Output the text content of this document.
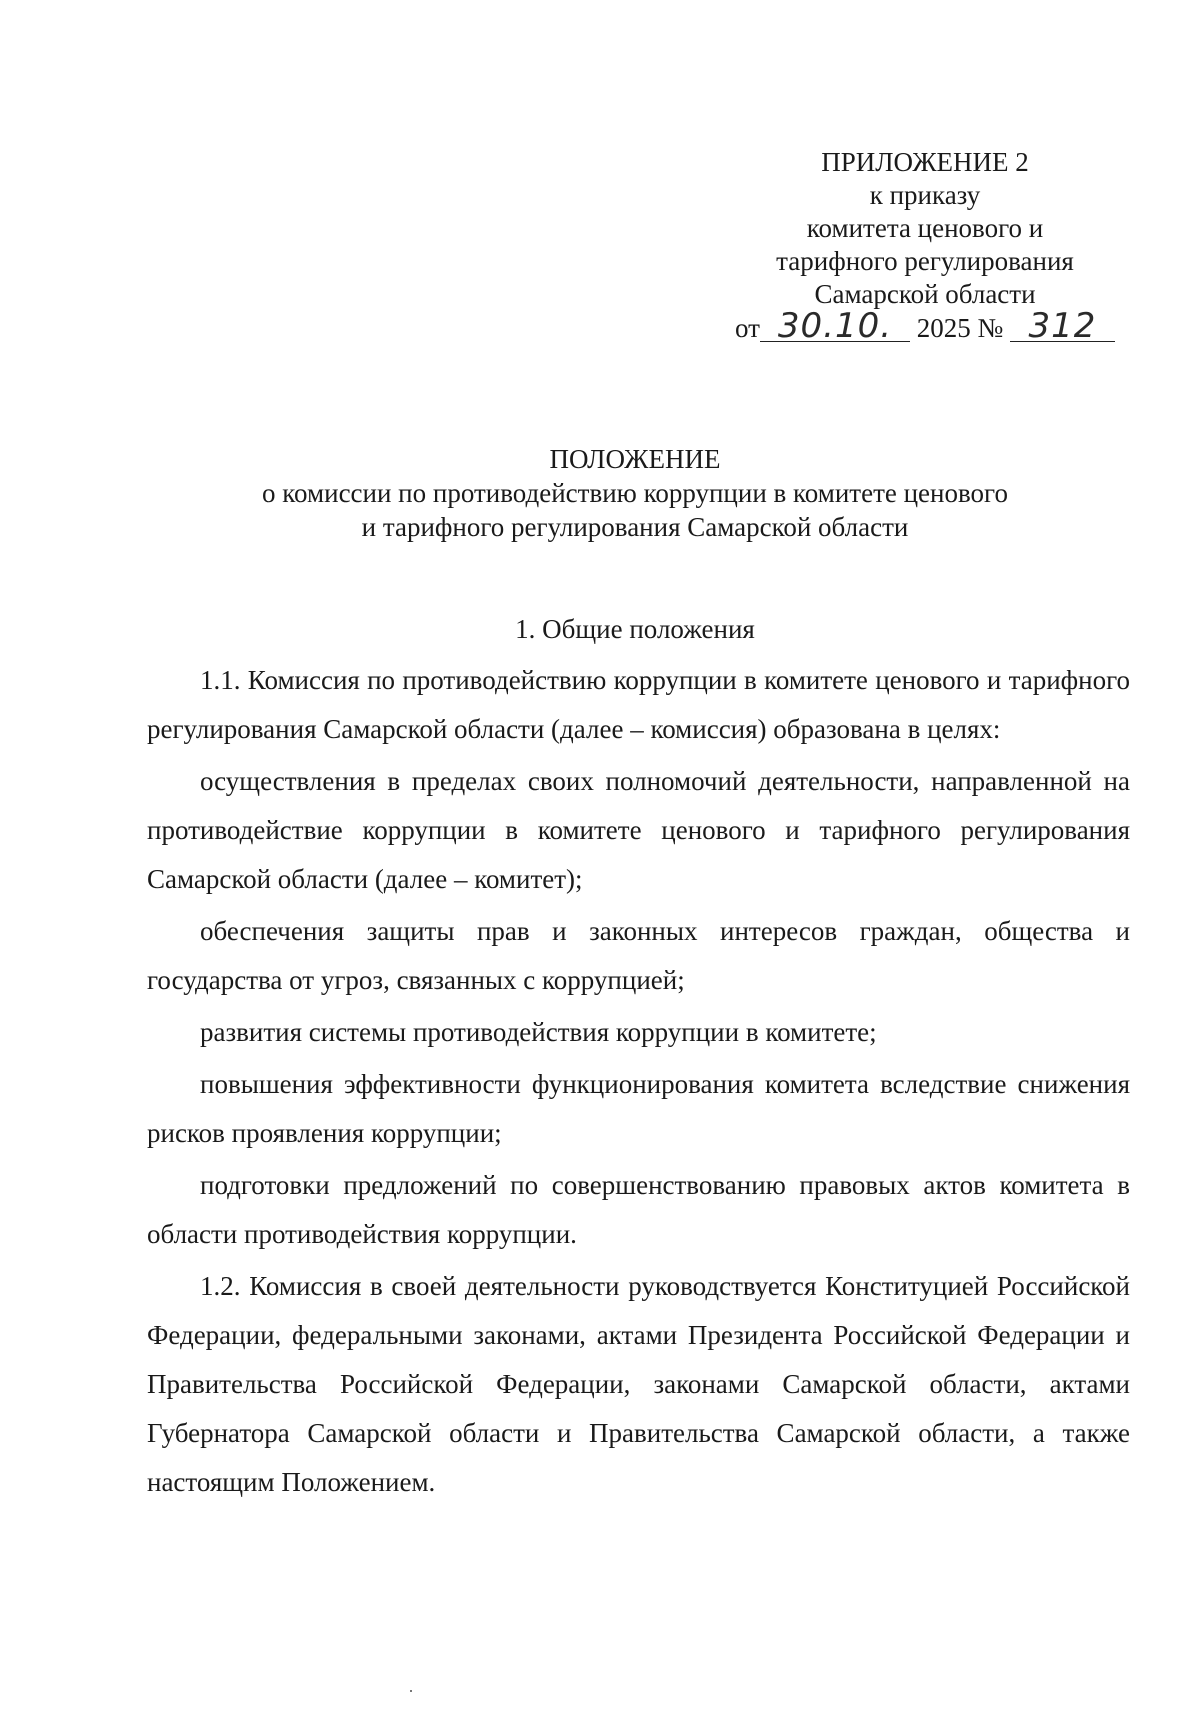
ПРИЛОЖЕНИЕ 2
к приказу
комитета ценового и
тарифного регулирования
Самарской области
от 30.10. 2025 № 312
ПОЛОЖЕНИЕ
о комиссии по противодействию коррупции в комитете ценового
и тарифного регулирования Самарской области
1. Общие положения

1.1. Комиссия по противодействию коррупции в комитете ценового и тарифного регулирования Самарской области (далее – комиссия) образована в целях:

осуществления в пределах своих полномочий деятельности, направленной на противодействие коррупции в комитете ценового и тарифного регулирования Самарской области (далее – комитет);

обеспечения защиты прав и законных интересов граждан, общества и государства от угроз, связанных с коррупцией;

развития системы противодействия коррупции в комитете;

повышения эффективности функционирования комитета вследствие снижения рисков проявления коррупции;

подготовки предложений по совершенствованию правовых актов комитета в области противодействия коррупции.

1.2. Комиссия в своей деятельности руководствуется Конституцией Российской Федерации, федеральными законами, актами Президента Российской Федерации и Правительства Российской Федерации, законами Самарской области, актами Губернатора Самарской области и Правительства Самарской области, а также настоящим Положением.
